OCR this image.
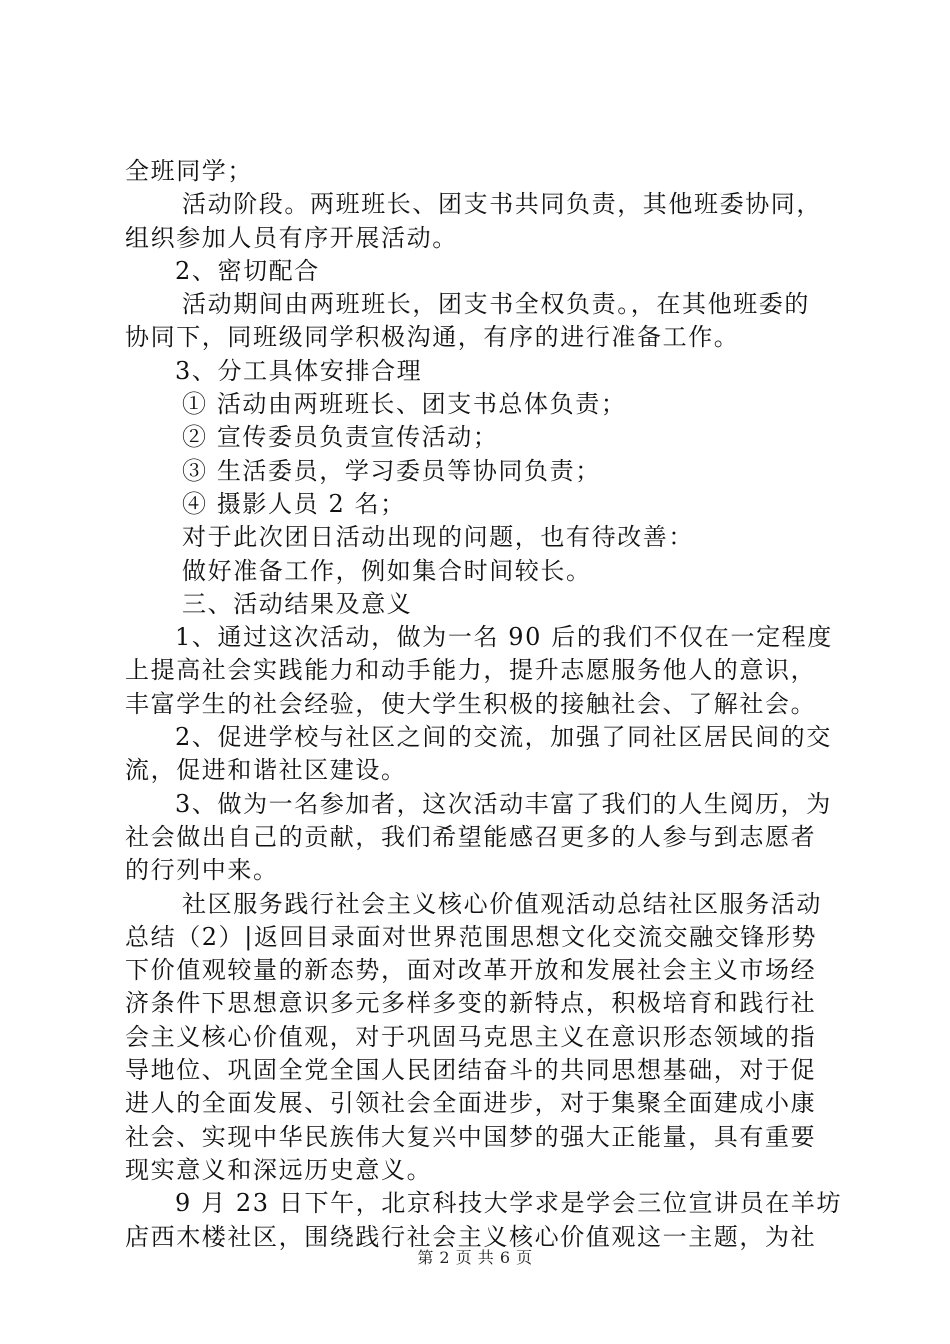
全班同学；
活动阶段。两班班长、团支书共同负责，其他班委协同，
组织参加人员有序开展活动。
2、密切配合
活动期间由两班班长，团支书全权负责。，在其他班委的
协同下，同班级同学积极沟通，有序的进行准备工作。
3、分工具体安排合理
① 活动由两班班长、团支书总体负责；
② 宣传委员负责宣传活动；
③ 生活委员，学习委员等协同负责；
④ 摄影人员 2 名；
对于此次团日活动出现的问题，也有待改善：
做好准备工作，例如集合时间较长。
三、活动结果及意义
1、通过这次活动，做为一名 90 后的我们不仅在一定程度
上提高社会实践能力和动手能力，提升志愿服务他人的意识，
丰富学生的社会经验，使大学生积极的接触社会、了解社会。
2、促进学校与社区之间的交流，加强了同社区居民间的交
流，促进和谐社区建设。
3、做为一名参加者，这次活动丰富了我们的人生阅历，为
社会做出自己的贡献，我们希望能感召更多的人参与到志愿者
的行列中来。
社区服务践行社会主义核心价值观活动总结社区服务活动
总结（2）|返回目录面对世界范围思想文化交流交融交锋形势
下价值观较量的新态势，面对改革开放和发展社会主义市场经
济条件下思想意识多元多样多变的新特点，积极培育和践行社
会主义核心价值观，对于巩固马克思主义在意识形态领域的指
导地位、巩固全党全国人民团结奋斗的共同思想基础，对于促
进人的全面发展、引领社会全面进步，对于集聚全面建成小康
社会、实现中华民族伟大复兴中国梦的强大正能量，具有重要
现实意义和深远历史意义。
9 月 23 日下午，北京科技大学求是学会三位宣讲员在羊坊
店西木楼社区，围绕践行社会主义核心价值观这一主题，为社
第 2 页 共 6 页
